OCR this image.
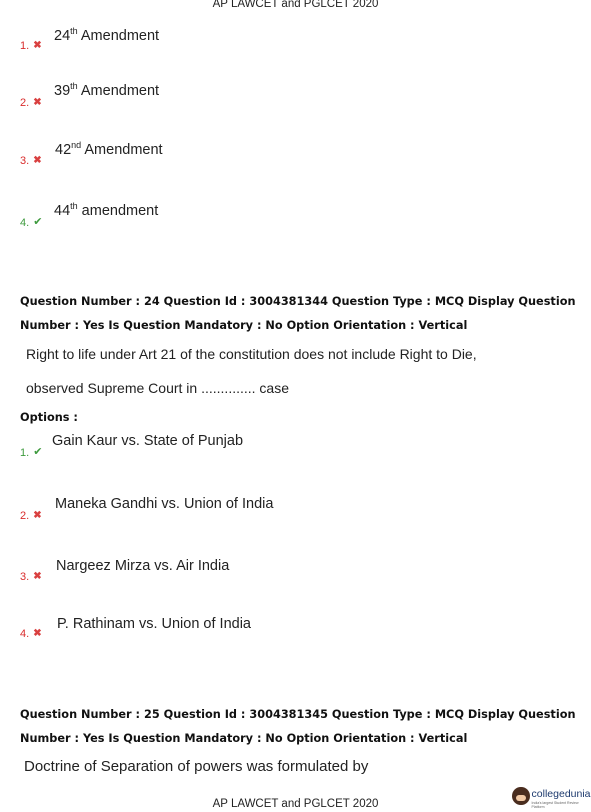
AP LAWCET and PGLCET 2020
1. ✖
24th Amendment
2. ✖
39th Amendment
3. ✖
42nd Amendment
4. ✔
44th amendment
Question Number : 24 Question Id : 3004381344 Question Type : MCQ Display Question
Number : Yes Is Question Mandatory : No Option Orientation : Vertical
Right to life under Art 21 of the constitution does not include Right to Die,
observed Supreme Court in .............. case
Options :
1. ✔
Gain Kaur vs. State of Punjab
2. ✖
Maneka Gandhi vs. Union of India
3. ✖
Nargeez Mirza vs. Air India
4. ✖
P. Rathinam vs. Union of India
Question Number : 25 Question Id : 3004381345 Question Type : MCQ Display Question
Number : Yes Is Question Mandatory : No Option Orientation : Vertical
Doctrine of Separation of powers was formulated by
collegedunia
India's largest Student Review Platform
AP LAWCET and PGLCET 2020
